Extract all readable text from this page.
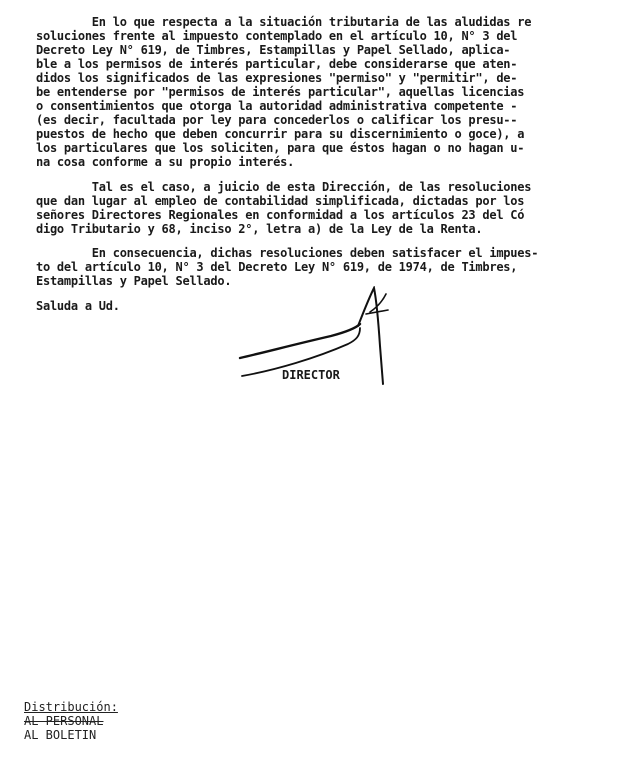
En lo que respecta a la situación tributaria de las aludidas re
soluciones frente al impuesto contemplado en el artículo 10, N° 3 del
Decreto Ley N° 619, de Timbres, Estampillas y Papel Sellado, aplica-
ble a los permisos de interés particular, debe considerarse que aten-
didos los significados de las expresiones "permiso" y "permitir", de-
be entenderse por "permisos de interés particular", aquellas licencias
o consentimientos que otorga la autoridad administrativa competente -
(es decir, facultada por ley para concederlos o calificar los presu--
puestos de hecho que deben concurrir para su discernimiento o goce), a
los particulares que los soliciten, para que éstos hagan o no hagan u-
na cosa conforme a su propio interés.
Tal es el caso, a juicio de esta Dirección, de las resoluciones
que dan lugar al empleo de contabilidad simplificada, dictadas por los
señores Directores Regionales en conformidad a los artículos 23 del Có
digo Tributario y 68, inciso 2°, letra a) de la Ley de la Renta.
En consecuencia, dichas resoluciones deben satisfacer el impues-
to del artículo 10, N° 3 del Decreto Ley N° 619, de 1974, de Timbres,
Estampillas y Papel Sellado.
Saluda a Ud.
DIRECTOR
Distribución:
AL PERSONAL
AL BOLETIN
